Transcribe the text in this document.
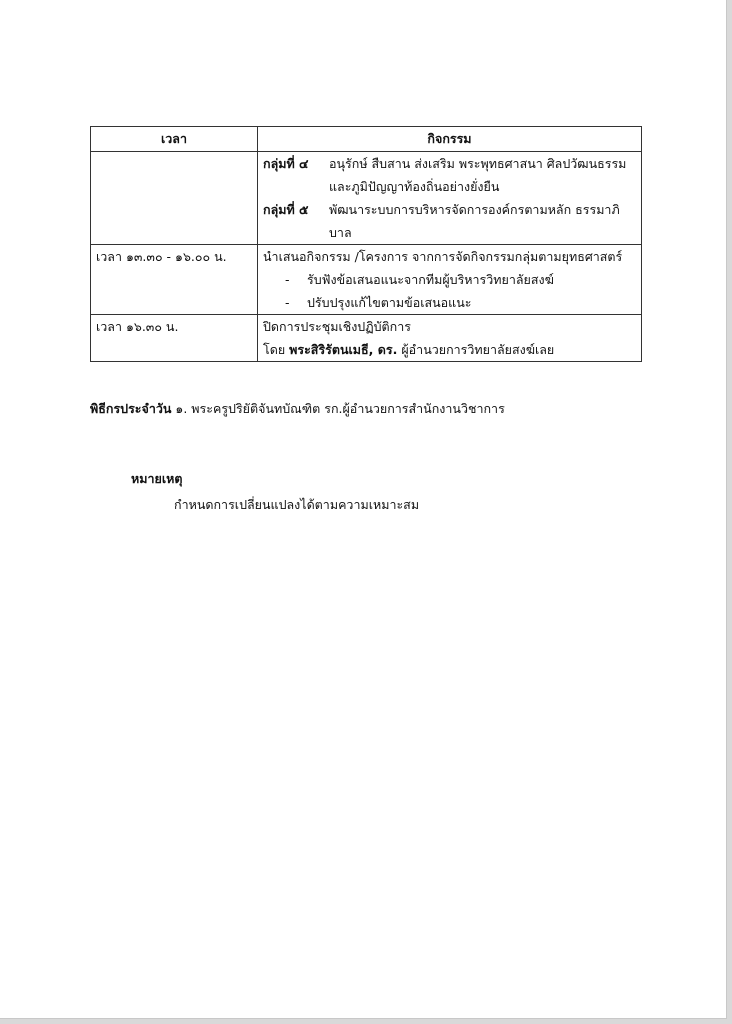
เวลา	กิจกรรม

	กลุ่มที่ ๔ อนุรักษ์ สืบสาน ส่งเสริม พระพุทธศาสนา ศิลปวัฒนธรรม และภูมิปัญญาท้องถิ่นอย่างยั่งยืน
กลุ่มที่ ๕ พัฒนาระบบการบริหารจัดการองค์กรตามหลัก ธรรมาภิบาล

เวลา ๑๓.๓๐ - ๑๖.๐๐ น.	นำเสนอกิจกรรม /โครงการ จากการจัดกิจกรรมกลุ่มตามยุทธศาสตร์
- รับฟังข้อเสนอแนะจากทีมผู้บริหารวิทยาลัยสงฆ์
- ปรับปรุงแก้ไขตามข้อเสนอแนะ

เวลา ๑๖.๓๐ น.	ปิดการประชุมเชิงปฏิบัติการ
โดย พระสิริรัตนเมธี, ดร. ผู้อำนวยการวิทยาลัยสงฆ์เลย
พิธีกรประจำวัน ๑. พระครูปริยัติจันทบัณฑิต รก.ผู้อำนวยการสำนักงานวิชาการ
หมายเหตุ
กำหนดการเปลี่ยนแปลงได้ตามความเหมาะสม
